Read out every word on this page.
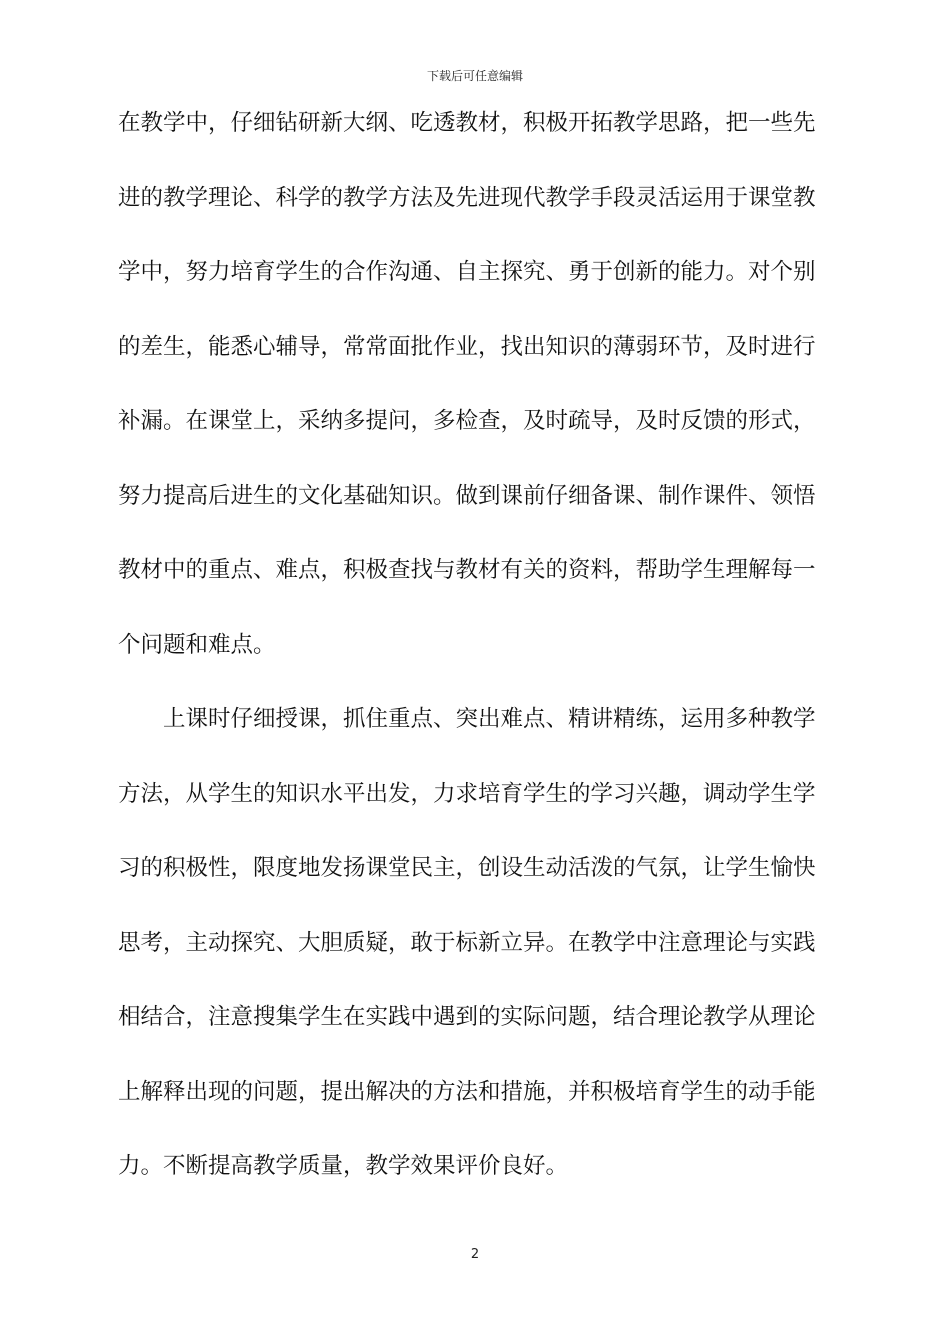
下载后可任意编辑
在教学中，仔细钻研新大纲、吃透教材，积极开拓教学思路，把一些先
进的教学理论、科学的教学方法及先进现代教学手段灵活运用于课堂教
学中，努力培育学生的合作沟通、自主探究、勇于创新的能力。对个别
的差生，能悉心辅导，常常面批作业，找出知识的薄弱环节，及时进行
补漏。在课堂上，采纳多提问，多检查，及时疏导，及时反馈的形式，
努力提高后进生的文化基础知识。做到课前仔细备课、制作课件、领悟
教材中的重点、难点，积极查找与教材有关的资料，帮助学生理解每一
个问题和难点。
上课时仔细授课，抓住重点、突出难点、精讲精练，运用多种教学
方法，从学生的知识水平出发，力求培育学生的学习兴趣，调动学生学
习的积极性，限度地发扬课堂民主，创设生动活泼的气氛，让学生愉快
思考，主动探究、大胆质疑，敢于标新立异。在教学中注意理论与实践
相结合，注意搜集学生在实践中遇到的实际问题，结合理论教学从理论
上解释出现的问题，提出解决的方法和措施，并积极培育学生的动手能
力。不断提高教学质量，教学效果评价良好。
2
